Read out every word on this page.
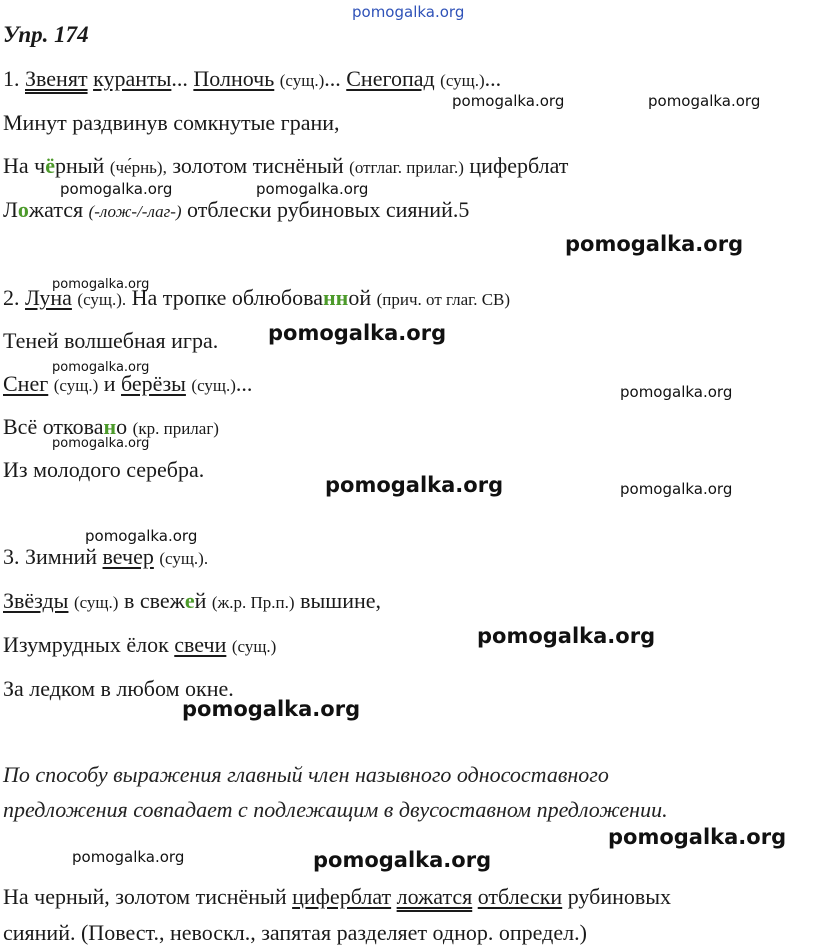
pomogalka.org
Упр. 174
1. Звенят куранты... Полночь (сущ.)... Снегопад (сущ.)...
Минут раздвинув сомкнутые грани,
На чёрный (че́рнь), золотом тиснёный (отглаг. прилаг.) циферблат
Ложатся (-лож-/-лаг-) отблески рубиновых сияний.5
2. Луна (сущ.). На тропке облюбованной (прич. от глаг. СВ)
Теней волшебная игра.
Снег (сущ.) и берёзы (сущ.)...
Всё отковано (кр. прилаг)
Из молодого серебра.
3. Зимний вечер (сущ.).
Звёзды (сущ.) в свежей (ж.р. Пр.п.) вышине,
Изумрудных ёлок свечи (сущ.)
За ледком в любом окне.
По способу выражения главный член назывного односоставного
предложения совпадает с подлежащим в двусоставном предложении.
На черный, золотом тиснёный циферблат ложатся отблески рубиновых
сияний. (Повест., невоскл., запятая разделяет однор. определ.)
pomogalka.org	pomogalka.org
pomogalka.org	pomogalka.org
pomogalka.org
pomogalka.org
pomogalka.org
pomogalka.org
pomogalka.org
pomogalka.org
pomogalka.org	pomogalka.org
pomogalka.org
pomogalka.org
pomogalka.org
pomogalka.org
pomogalka.org	pomogalka.org
